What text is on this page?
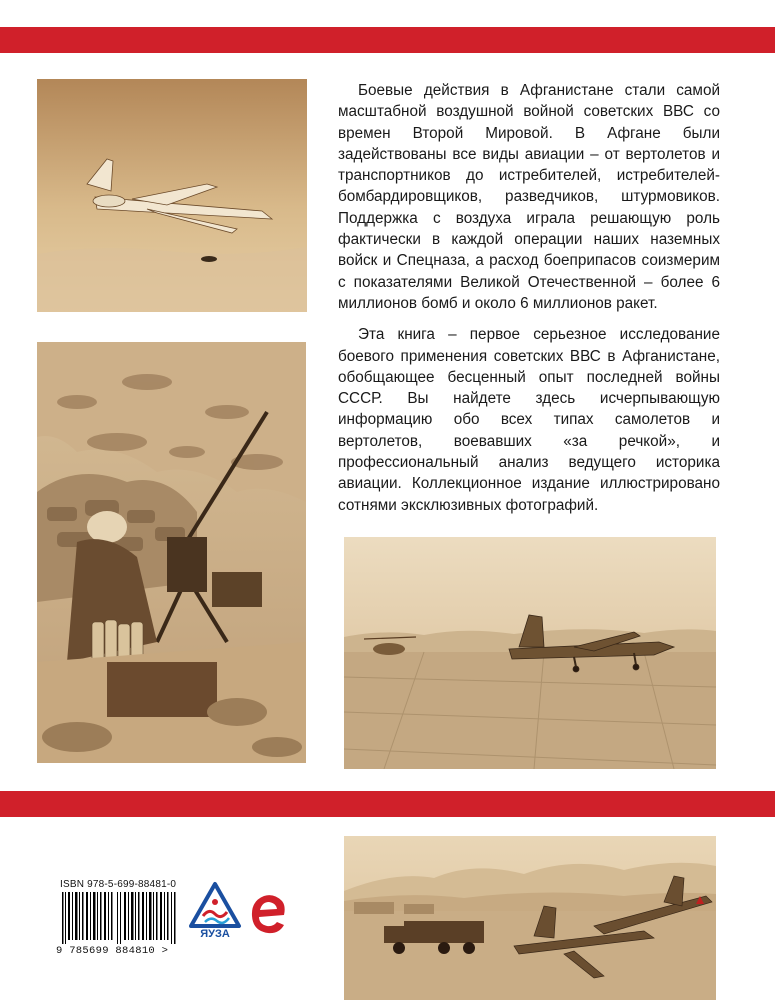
Боевые действия в Афганистане стали самой масштабной воздушной войной советских ВВС со времен Второй Мировой. В Афгане были задействованы все виды авиации – от вертолетов и транспортников до истребителей, истребителей-бомбардировщиков, разведчиков, штурмовиков. Поддержка с воздуха играла решающую роль фактически в каждой операции наших наземных войск и Спецназа, а расход боеприпасов соизмерим с показателями Великой Отечественной – более 6 миллионов бомб и около 6 миллионов ракет.

Эта книга – первое серьезное исследование боевого применения советских ВВС в Афганистане, обобщающее бесценный опыт последней войны СССР. Вы найдете здесь исчерпывающую информацию обо всех типах самолетов и вертолетов, воевавших «за речкой», и профессиональный анализ ведущего историка авиации. Коллекционное издание иллюстрировано сотнями эксклюзивных фотографий.

ISBN 978-5-699-88481-0
9 785699 884810 >
ЯУЗА
